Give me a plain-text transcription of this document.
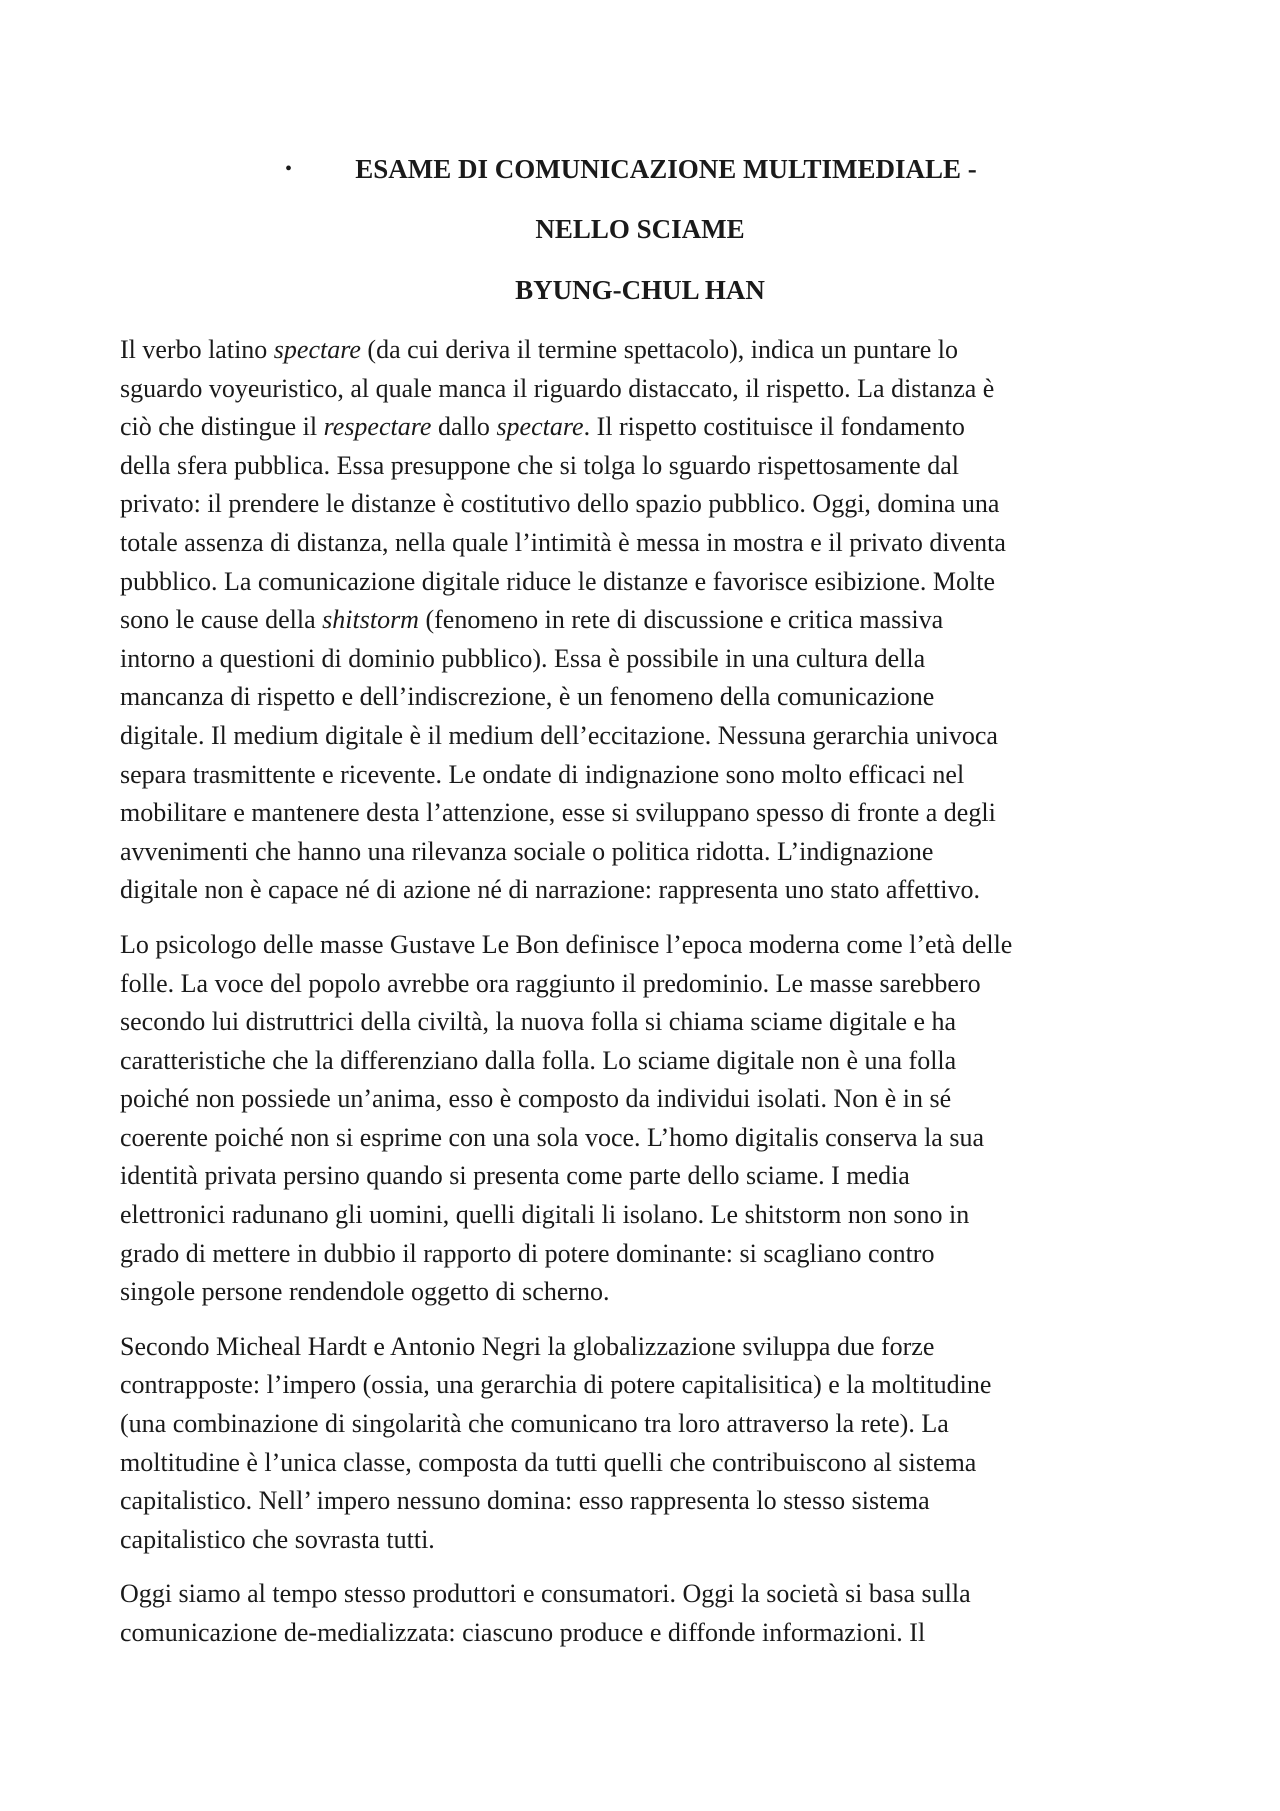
•	ESAME DI COMUNICAZIONE MULTIMEDIALE -
NELLO SCIAME
BYUNG-CHUL HAN
Il verbo latino spectare (da cui deriva il termine spettacolo), indica un puntare lo
sguardo voyeuristico, al quale manca il riguardo distaccato, il rispetto. La distanza è
ciò che distingue il respectare dallo spectare. Il rispetto costituisce il fondamento
della sfera pubblica. Essa presuppone che si tolga lo sguardo rispettosamente dal
privato: il prendere le distanze è costitutivo dello spazio pubblico. Oggi, domina una
totale assenza di distanza, nella quale l’intimità è messa in mostra e il privato diventa
pubblico. La comunicazione digitale riduce le distanze e favorisce esibizione. Molte
sono le cause della shitstorm (fenomeno in rete di discussione e critica massiva
intorno a questioni di dominio pubblico). Essa è possibile in una cultura della
mancanza di rispetto e dell’indiscrezione, è un fenomeno della comunicazione
digitale. Il medium digitale è il medium dell’eccitazione. Nessuna gerarchia univoca
separa trasmittente e ricevente. Le ondate di indignazione sono molto efficaci nel
mobilitare e mantenere desta l’attenzione, esse si sviluppano spesso di fronte a degli
avvenimenti che hanno una rilevanza sociale o politica ridotta. L’indignazione
digitale non è capace né di azione né di narrazione: rappresenta uno stato affettivo.
Lo psicologo delle masse Gustave Le Bon definisce l’epoca moderna come l’età delle
folle. La voce del popolo avrebbe ora raggiunto il predominio. Le masse sarebbero
secondo lui distruttrici della civiltà, la nuova folla si chiama sciame digitale e ha
caratteristiche che la differenziano dalla folla. Lo sciame digitale non è una folla
poiché non possiede un’anima, esso è composto da individui isolati. Non è in sé
coerente poiché non si esprime con una sola voce. L’homo digitalis conserva la sua
identità privata persino quando si presenta come parte dello sciame. I media
elettronici radunano gli uomini, quelli digitali li isolano. Le shitstorm non sono in
grado di mettere in dubbio il rapporto di potere dominante: si scagliano contro
singole persone rendendole oggetto di scherno.
Secondo Micheal Hardt e Antonio Negri la globalizzazione sviluppa due forze
contrapposte: l’impero (ossia, una gerarchia di potere capitalisitica) e la moltitudine
(una combinazione di singolarità che comunicano tra loro attraverso la rete). La
moltitudine è l’unica classe, composta da tutti quelli che contribuiscono al sistema
capitalistico. Nell’ impero nessuno domina: esso rappresenta lo stesso sistema
capitalistico che sovrasta tutti.
Oggi siamo al tempo stesso produttori e consumatori. Oggi la società si basa sulla
comunicazione de-medializzata: ciascuno produce e diffonde informazioni. Il
